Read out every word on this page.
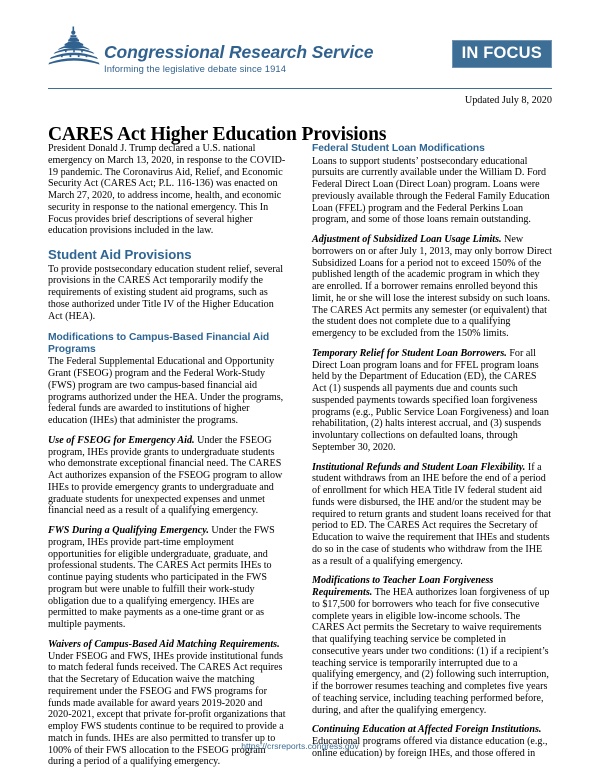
Congressional Research Service
Informing the legislative debate since 1914
IN FOCUS
Updated July 8, 2020
CARES Act Higher Education Provisions

President Donald J. Trump declared a U.S. national emergency on March 13, 2020, in response to the COVID-19 pandemic. The Coronavirus Aid, Relief, and Economic Security Act (CARES Act; P.L. 116-136) was enacted on March 27, 2020, to address income, health, and economic security in response to the national emergency. This In Focus provides brief descriptions of several higher education provisions included in the law.

Student Aid Provisions

To provide postsecondary education student relief, several provisions in the CARES Act temporarily modify the requirements of existing student aid programs, such as those authorized under Title IV of the Higher Education Act (HEA).

Modifications to Campus-Based Financial Aid Programs

The Federal Supplemental Educational and Opportunity Grant (FSEOG) program and the Federal Work-Study (FWS) program are two campus-based financial aid programs authorized under the HEA. Under the programs, federal funds are awarded to institutions of higher education (IHEs) that administer the programs.

Use of FSEOG for Emergency Aid. Under the FSEOG program, IHEs provide grants to undergraduate students who demonstrate exceptional financial need. The CARES Act authorizes expansion of the FSEOG program to allow IHEs to provide emergency grants to undergraduate and graduate students for unexpected expenses and unmet financial need as a result of a qualifying emergency.

FWS During a Qualifying Emergency. Under the FWS program, IHEs provide part-time employment opportunities for eligible undergraduate, graduate, and professional students. The CARES Act permits IHEs to continue paying students who participated in the FWS program but were unable to fulfill their work-study obligation due to a qualifying emergency. IHEs are permitted to make payments as a one-time grant or as multiple payments.

Waivers of Campus-Based Aid Matching Requirements. Under FSEOG and FWS, IHEs provide institutional funds to match federal funds received. The CARES Act requires that the Secretary of Education waive the matching requirement under the FSEOG and FWS programs for funds made available for award years 2019-2020 and 2020-2021, except that private for-profit organizations that employ FWS students continue to be required to provide a match in funds. IHEs are also permitted to transfer up to 100% of their FWS allocation to the FSEOG program during a period of a qualifying emergency.

Federal Student Loan Modifications

Loans to support students’ postsecondary educational pursuits are currently available under the William D. Ford Federal Direct Loan (Direct Loan) program. Loans were previously available through the Federal Family Education Loan (FFEL) program and the Federal Perkins Loan program, and some of those loans remain outstanding.

Adjustment of Subsidized Loan Usage Limits. New borrowers on or after July 1, 2013, may only borrow Direct Subsidized Loans for a period not to exceed 150% of the published length of the academic program in which they are enrolled. If a borrower remains enrolled beyond this limit, he or she will lose the interest subsidy on such loans. The CARES Act permits any semester (or equivalent) that the student does not complete due to a qualifying emergency to be excluded from the 150% limits.

Temporary Relief for Student Loan Borrowers. For all Direct Loan program loans and for FFEL program loans held by the Department of Education (ED), the CARES Act (1) suspends all payments due and counts such suspended payments towards specified loan forgiveness programs (e.g., Public Service Loan Forgiveness) and loan rehabilitation, (2) halts interest accrual, and (3) suspends involuntary collections on defaulted loans, through September 30, 2020.

Institutional Refunds and Student Loan Flexibility. If a student withdraws from an IHE before the end of a period of enrollment for which HEA Title IV federal student aid funds were disbursed, the IHE and/or the student may be required to return grants and student loans received for that period to ED. The CARES Act requires the Secretary of Education to waive the requirement that IHEs and students do so in the case of students who withdraw from the IHE as a result of a qualifying emergency.

Modifications to Teacher Loan Forgiveness Requirements. The HEA authorizes loan forgiveness of up to $17,500 for borrowers who teach for five consecutive complete years in eligible low-income schools. The CARES Act permits the Secretary to waive requirements that qualifying teaching service be completed in consecutive years under two conditions: (1) if a recipient’s teaching service is temporarily interrupted due to a qualifying emergency, and (2) following such interruption, if the borrower resumes teaching and completes five years of teaching service, including teaching performed before, during, and after the qualifying emergency.

Continuing Education at Affected Foreign Institutions. Educational programs offered via distance education (e.g., online education) by foreign IHEs, and those offered in

https://crsreports.congress.gov
